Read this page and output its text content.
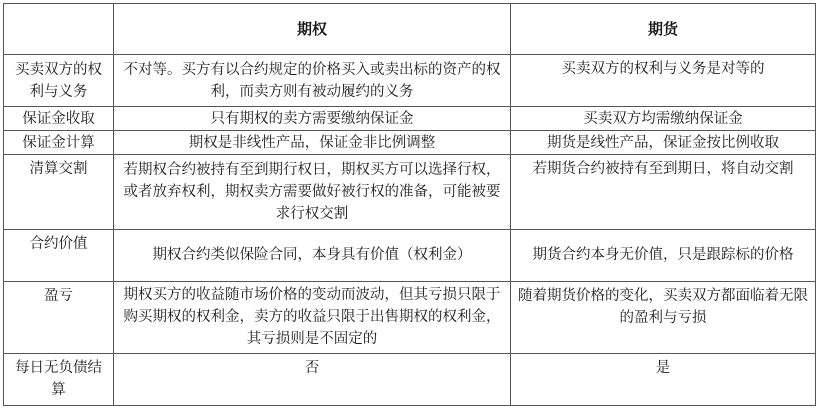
	期权	期货
买卖双方的权利与义务	不对等。买方有以合约规定的价格买入或卖出标的资产的权利，而卖方则有被动履约的义务	买卖双方的权利与义务是对等的
保证金收取	只有期权的卖方需要缴纳保证金	买卖双方均需缴纳保证金
保证金计算	期权是非线性产品，保证金非比例调整	期货是线性产品，保证金按比例收取
清算交割	若期权合约被持有至到期行权日，期权买方可以选择行权，或者放弃权利，期权卖方需要做好被行权的准备，可能被要求行权交割	若期货合约被持有至到期日，将自动交割
合约价值	期权合约类似保险合同，本身具有价值（权利金）	期货合约本身无价值，只是跟踪标的价格
盈亏	期权买方的收益随市场价格的变动而波动，但其亏损只限于购买期权的权利金，卖方的收益只限于出售期权的权利金，其亏损则是不固定的	随着期货价格的变化，买卖双方都面临着无限的盈利与亏损
每日无负债结算	否	是
